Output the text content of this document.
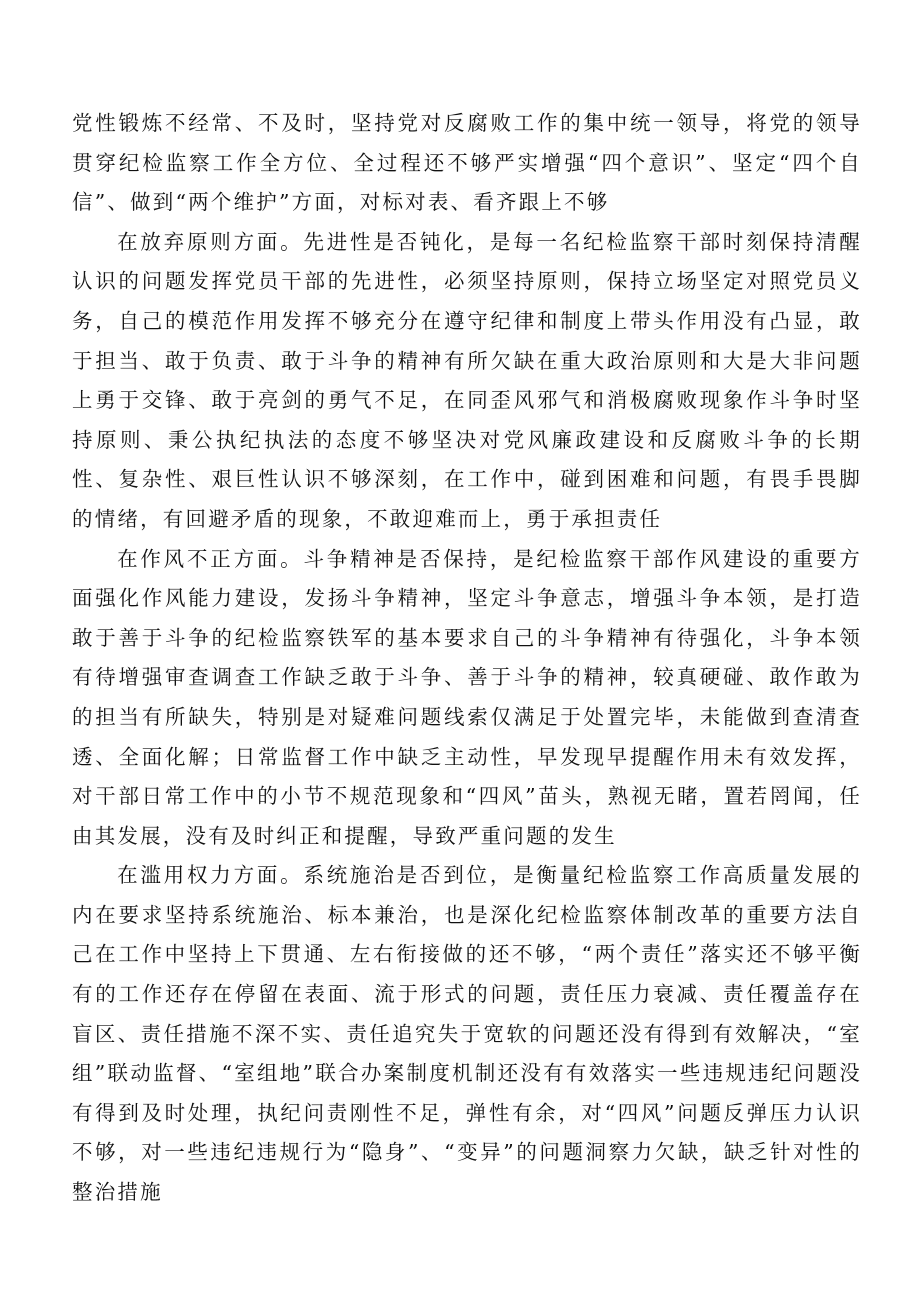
党性锻炼不经常、不及时，坚持党对反腐败工作的集中统一领导，将党的领导贯穿纪检监察工作全方位、全过程还不够严实增强“四个意识”、坚定“四个自信”、做到“两个维护”方面，对标对表、看齐跟上不够

在放弃原则方面。先进性是否钝化，是每一名纪检监察干部时刻保持清醒认识的问题发挥党员干部的先进性，必须坚持原则，保持立场坚定对照党员义务，自己的模范作用发挥不够充分在遵守纪律和制度上带头作用没有凸显，敢于担当、敢于负责、敢于斗争的精神有所欠缺在重大政治原则和大是大非问题上勇于交锋、敢于亮剑的勇气不足，在同歪风邪气和消极腐败现象作斗争时坚持原则、秉公执纪执法的态度不够坚决对党风廉政建设和反腐败斗争的长期性、复杂性、艰巨性认识不够深刻，在工作中，碰到困难和问题，有畏手畏脚的情绪，有回避矛盾的现象，不敢迎难而上，勇于承担责任

在作风不正方面。斗争精神是否保持，是纪检监察干部作风建设的重要方面强化作风能力建设，发扬斗争精神，坚定斗争意志，增强斗争本领，是打造敢于善于斗争的纪检监察铁军的基本要求自己的斗争精神有待强化，斗争本领有待增强审查调查工作缺乏敢于斗争、善于斗争的精神，较真硬碰、敢作敢为的担当有所缺失，特别是对疑难问题线索仅满足于处置完毕，未能做到查清查透、全面化解；日常监督工作中缺乏主动性，早发现早提醒作用未有效发挥，对干部日常工作中的小节不规范现象和“四风”苗头，熟视无睹，置若罔闻，任由其发展，没有及时纠正和提醒，导致严重问题的发生

在滥用权力方面。系统施治是否到位，是衡量纪检监察工作高质量发展的内在要求坚持系统施治、标本兼治，也是深化纪检监察体制改革的重要方法自己在工作中坚持上下贯通、左右衔接做的还不够，“两个责任”落实还不够平衡有的工作还存在停留在表面、流于形式的问题，责任压力衰减、责任覆盖存在盲区、责任措施不深不实、责任追究失于宽软的问题还没有得到有效解决，“室组”联动监督、“室组地”联合办案制度机制还没有有效落实一些违规违纪问题没有得到及时处理，执纪问责刚性不足，弹性有余，对“四风”问题反弹压力认识不够，对一些违纪违规行为“隐身”、“变异”的问题洞察力欠缺，缺乏针对性的整治措施
